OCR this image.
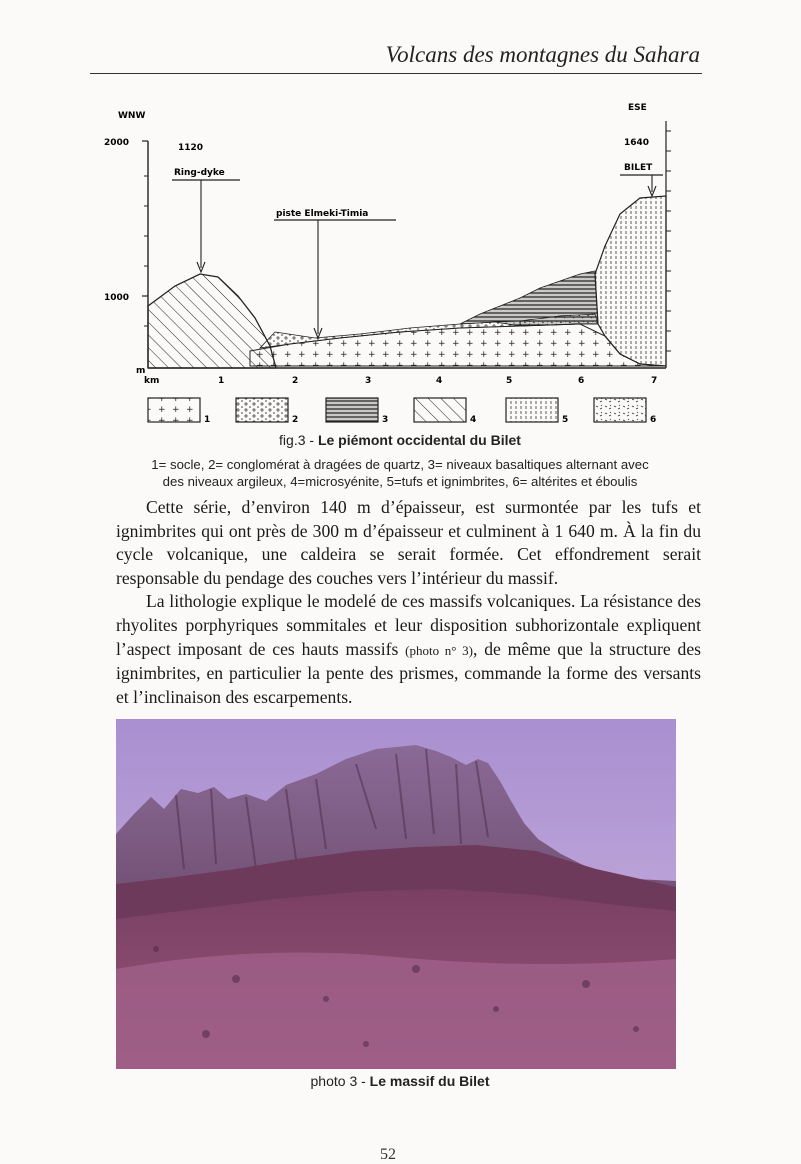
Volcans des montagnes du Sahara
2000
1000
m
WNW
ESE
1120
Ring-dyke
piste Elmeki-Timia
1640
BILET
km	1	2	3	4	5	6	7
1	2	3	4	5	6
fig.3 - Le piémont occidental du Bilet
1= socle, 2= conglomérat à dragées de quartz, 3= niveaux basaltiques alternant avec
des niveaux argileux, 4=microsyénite, 5=tufs et ignimbrites, 6= altérites et éboulis

Cette série, d’environ 140 m d’épaisseur, est surmontée par les tufs et ignimbrites qui ont près de 300 m d’épaisseur et culminent à 1 640 m. À la fin du cycle volcanique, une caldeira se serait formée. Cet effondrement serait responsable du pendage des couches vers l’intérieur du massif.

La lithologie explique le modelé de ces massifs volcaniques. La résistance des rhyolites porphyriques sommitales et leur disposition subhorizontale expliquent l’aspect imposant de ces hauts massifs (photo n° 3), de même que la structure des ignimbrites, en particulier la pente des prismes, commande la forme des versants et l’inclinaison des escarpements.

photo 3 - Le massif du Bilet
52
